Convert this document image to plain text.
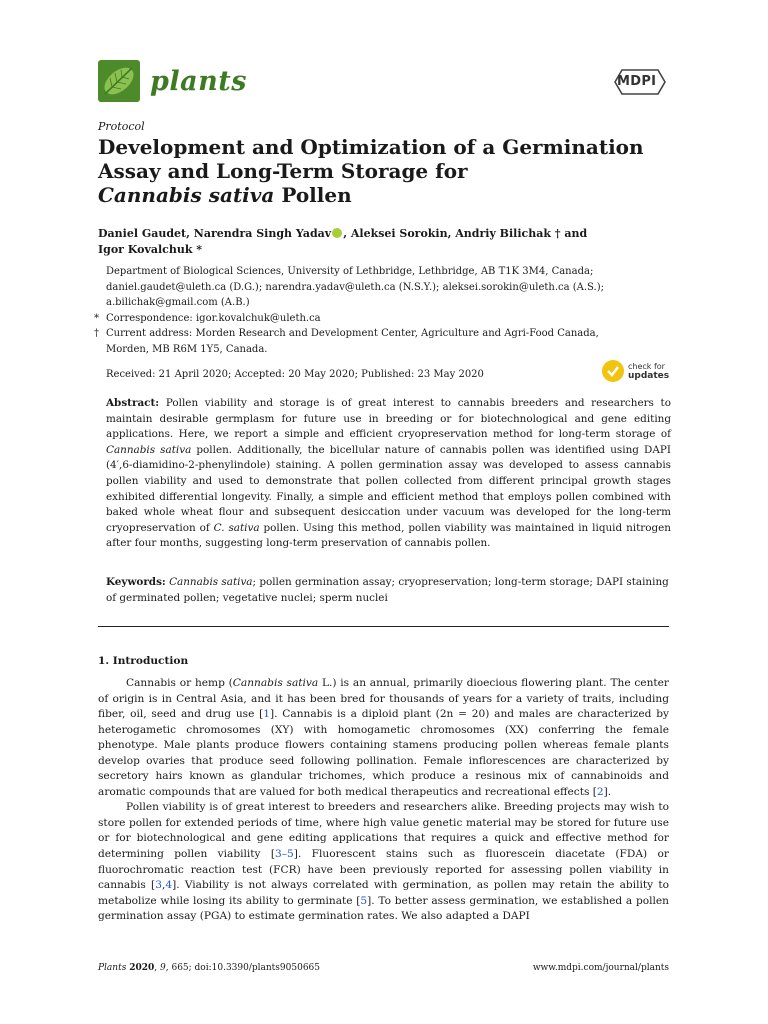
plants	MDPI
Protocol
Development and Optimization of a Germination
Assay and Long-Term Storage for
Cannabis sativa Pollen
Daniel Gaudet, Narendra Singh Yadav , Aleksei Sorokin, Andriy Bilichak † and
Igor Kovalchuk *
Department of Biological Sciences, University of Lethbridge, Lethbridge, AB T1K 3M4, Canada;
daniel.gaudet@uleth.ca (D.G.); narendra.yadav@uleth.ca (N.S.Y.); aleksei.sorokin@uleth.ca (A.S.);
a.bilichak@gmail.com (A.B.)
* Correspondence: igor.kovalchuk@uleth.ca
† Current address: Morden Research and Development Center, Agriculture and Agri-Food Canada,
Morden, MB R6M 1Y5, Canada.
Received: 21 April 2020; Accepted: 20 May 2020; Published: 23 May 2020
check for
updates
Abstract: Pollen viability and storage is of great interest to cannabis breeders and researchers to maintain desirable germplasm for future use in breeding or for biotechnological and gene editing applications. Here, we report a simple and efficient cryopreservation method for long-term storage of Cannabis sativa pollen. Additionally, the bicellular nature of cannabis pollen was identified using DAPI (4′,6-diamidino-2-phenylindole) staining. A pollen germination assay was developed to assess cannabis pollen viability and used to demonstrate that pollen collected from different principal growth stages exhibited differential longevity. Finally, a simple and efficient method that employs pollen combined with baked whole wheat flour and subsequent desiccation under vacuum was developed for the long-term cryopreservation of C. sativa pollen. Using this method, pollen viability was maintained in liquid nitrogen after four months, suggesting long-term preservation of cannabis pollen.
Keywords: Cannabis sativa; pollen germination assay; cryopreservation; long-term storage; DAPI staining of germinated pollen; vegetative nuclei; sperm nuclei
1. Introduction

Cannabis or hemp (Cannabis sativa L.) is an annual, primarily dioecious flowering plant. The center of origin is in Central Asia, and it has been bred for thousands of years for a variety of traits, including fiber, oil, seed and drug use [1]. Cannabis is a diploid plant (2n = 20) and males are characterized by heterogametic chromosomes (XY) with homogametic chromosomes (XX) conferring the female phenotype. Male plants produce flowers containing stamens producing pollen whereas female plants develop ovaries that produce seed following pollination. Female inflorescences are characterized by secretory hairs known as glandular trichomes, which produce a resinous mix of cannabinoids and aromatic compounds that are valued for both medical therapeutics and recreational effects [2].

Pollen viability is of great interest to breeders and researchers alike. Breeding projects may wish to store pollen for extended periods of time, where high value genetic material may be stored for future use or for biotechnological and gene editing applications that requires a quick and effective method for determining pollen viability [3–5]. Fluorescent stains such as fluorescein diacetate (FDA) or fluorochromatic reaction test (FCR) have been previously reported for assessing pollen viability in cannabis [3,4]. Viability is not always correlated with germination, as pollen may retain the ability to metabolize while losing its ability to germinate [5]. To better assess germination, we established a pollen germination assay (PGA) to estimate germination rates. We also adapted a DAPI

Plants 2020, 9, 665; doi:10.3390/plants9050665	www.mdpi.com/journal/plants
